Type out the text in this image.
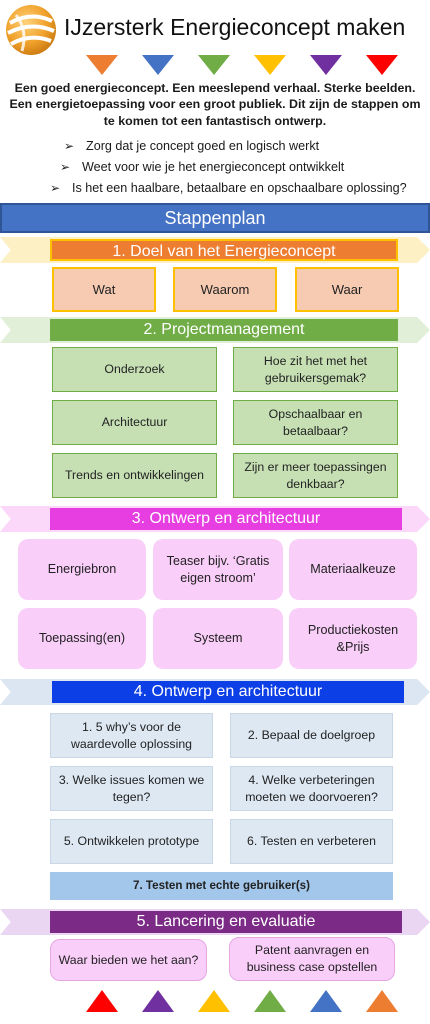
IJzersterk Energieconcept maken
Een goed energieconcept. Een meeslepend verhaal. Sterke beelden. Een energietoepassing voor een groot publiek. Dit zijn de stappen om te komen tot een fantastisch ontwerp.
➢ Zorg dat je concept goed en logisch werkt
➢ Weet voor wie je het energieconcept ontwikkelt
➢ Is het een haalbare, betaalbare en opschaalbare oplossing?
Stappenplan
1. Doel van het Energieconcept
Wat	Waarom	Waar
2. Projectmanagement
Onderzoek
Hoe zit het met het gebruikersgemak?
Architectuur
Opschaalbaar en betaalbaar?
Trends en ontwikkelingen
Zijn er meer toepassingen denkbaar?
3. Ontwerp en architectuur
Energiebron
Teaser bijv. ‘Gratis eigen stroom’
Materiaalkeuze
Toepassing(en)	Systeem
Productiekosten &Prijs
4. Ontwerp en architectuur
1. 5 why’s voor de waardevolle oplossing
2. Bepaal de doelgroep
3. Welke issues komen we tegen?
4. Welke verbeteringen moeten we doorvoeren?
5. Ontwikkelen prototype	6. Testen en verbeteren
7. Testen met echte gebruiker(s)
5. Lancering en evaluatie
Waar bieden we het aan?
Patent aanvragen en business case opstellen
